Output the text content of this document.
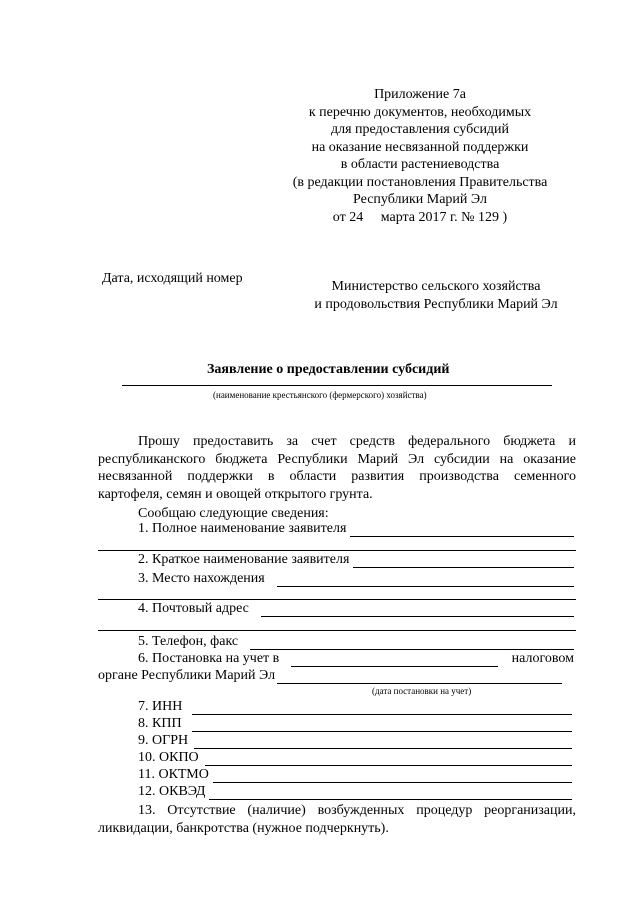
Приложение 7а
к перечню документов, необходимых
для предоставления субсидий
на оказание несвязанной поддержки
в области растениеводства
(в редакции постановления Правительства
Республики Марий Эл
от 24     марта 2017 г. № 129 )
Дата, исходящий номер
Министерство сельского хозяйства
и продовольствия Республики Марий Эл
Заявление о предоставлении субсидий
(наименование крестьянского (фермерского) хозяйства)
Прошу предоставить за счет средств федерального бюджета и
республиканского бюджета Республики Марий Эл субсидии на оказание
несвязанной поддержки в области развития производства семенного
картофеля, семян и овощей открытого грунта.
Сообщаю следующие сведения:
1. Полное наименование заявителя
2. Краткое наименование заявителя
3. Место нахождения
4. Почтовый адрес
5. Телефон, факс
6. Постановка на учет в	налоговом
органе Республики Марий Эл
(дата постановки на учет)
7. ИНН
8. КПП
9. ОГРН
10. ОКПО
11. ОКТМО
12. ОКВЭД
13. Отсутствие (наличие) возбужденных процедур реорганизации,
ликвидации, банкротства (нужное подчеркнуть).
